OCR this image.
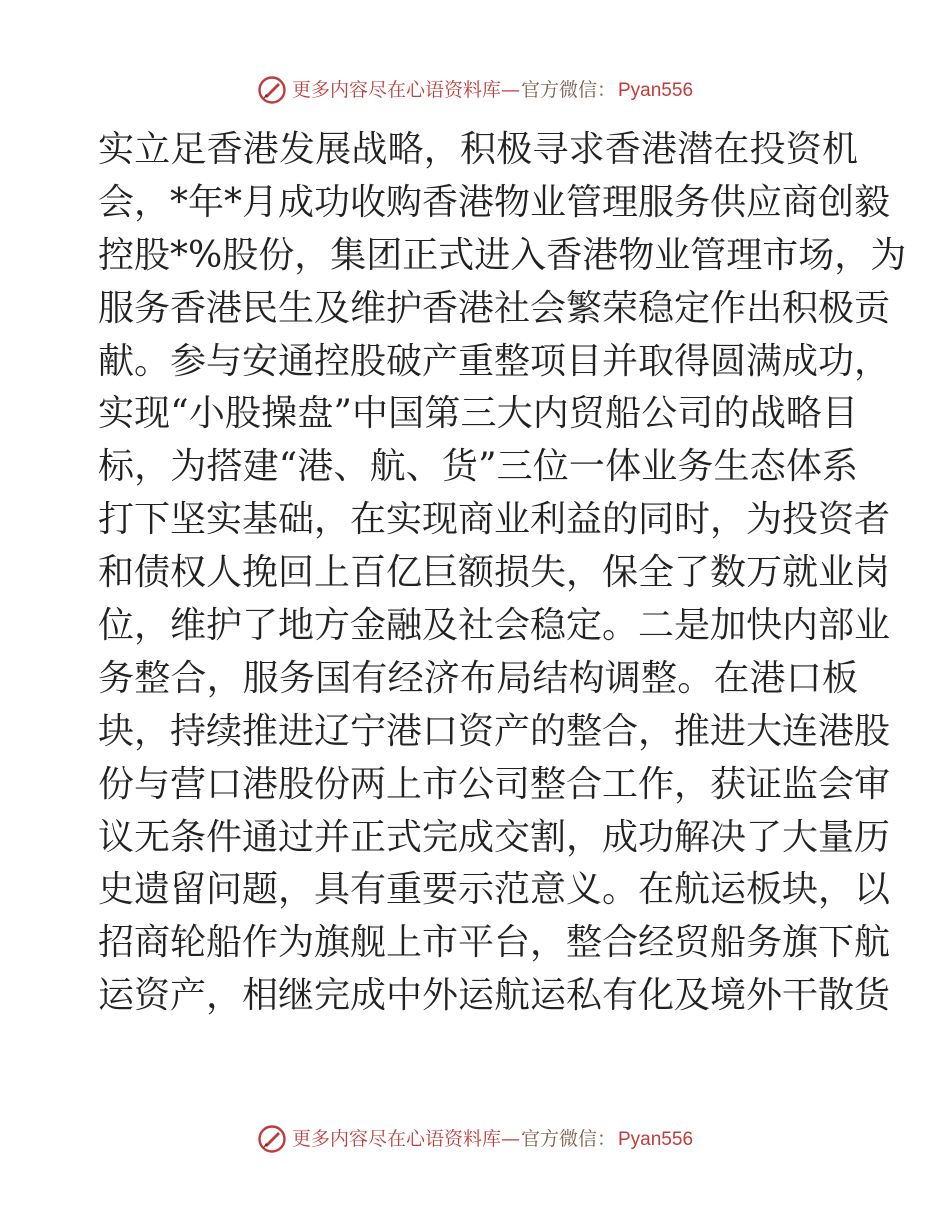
更多内容尽在心语资料库 — 官方微信： Pyan556
实立足香港发展战略，积极寻求香港潜在投资机
会，*年*月成功收购香港物业管理服务供应商创毅
控股*%股份，集团正式进入香港物业管理市场，为
服务香港民生及维护香港社会繁荣稳定作出积极贡
献。参与安通控股破产重整项目并取得圆满成功，
实现“小股操盘”中国第三大内贸船公司的战略目
标，为搭建“港、航、货”三位一体业务生态体系
打下坚实基础，在实现商业利益的同时，为投资者
和债权人挽回上百亿巨额损失，保全了数万就业岗
位，维护了地方金融及社会稳定。二是加快内部业
务整合，服务国有经济布局结构调整。在港口板
块，持续推进辽宁港口资产的整合，推进大连港股
份与营口港股份两上市公司整合工作，获证监会审
议无条件通过并正式完成交割，成功解决了大量历
史遗留问题，具有重要示范意义。在航运板块，以
招商轮船作为旗舰上市平台，整合经贸船务旗下航
运资产，相继完成中外运航运私有化及境外干散货
更多内容尽在心语资料库 — 官方微信： Pyan556
